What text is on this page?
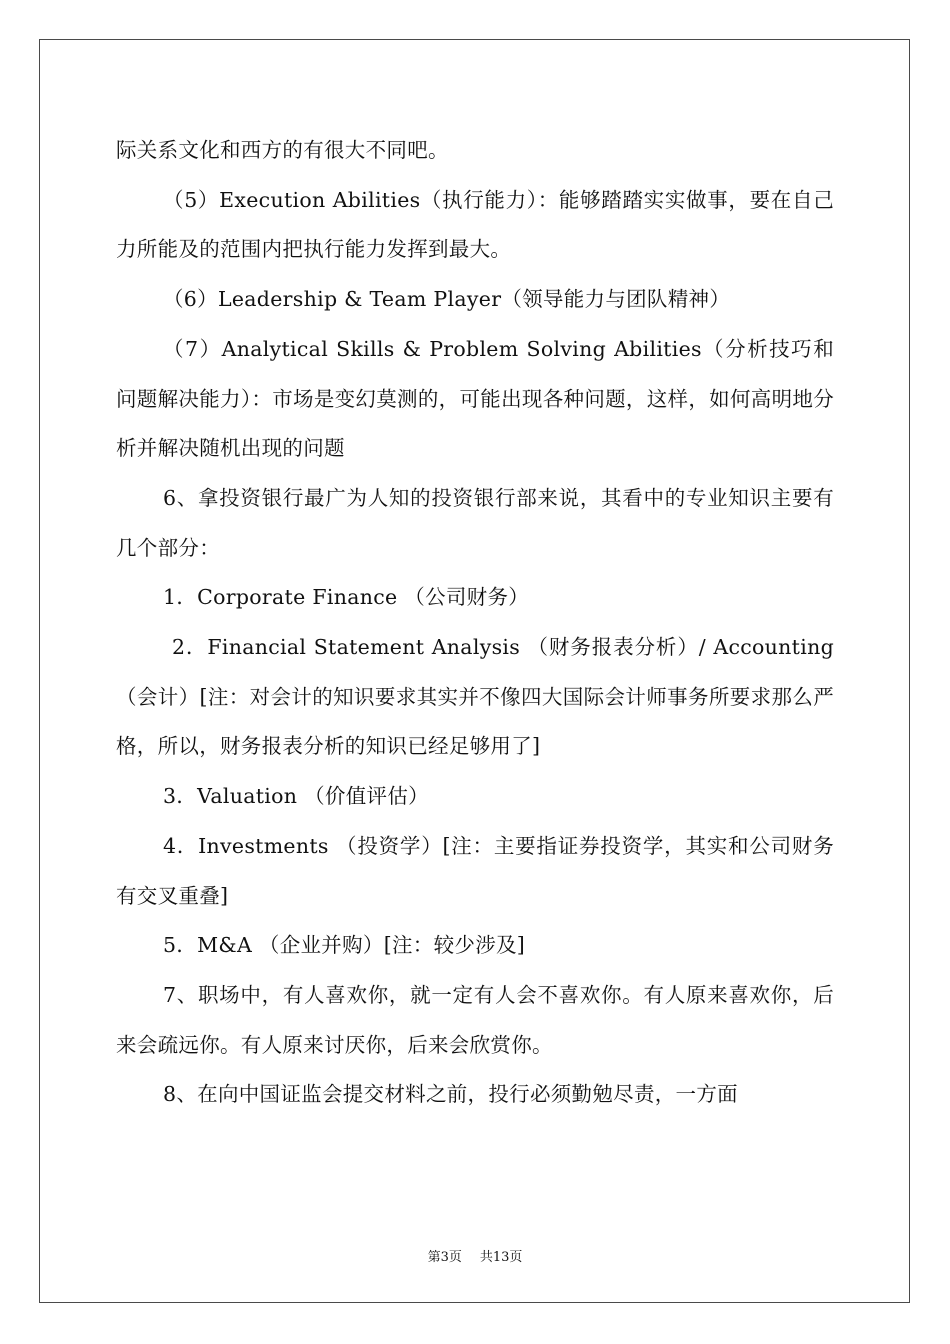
际关系文化和西方的有很大不同吧。

（5）Execution Abilities（执行能力）：能够踏踏实实做事，要在自己力所能及的范围内把执行能力发挥到最大。

（6）Leadership & Team Player（领导能力与团队精神）

（7）Analytical Skills & Problem Solving Abilities（分析技巧和问题解决能力）：市场是变幻莫测的，可能出现各种问题，这样，如何高明地分析并解决随机出现的问题

6、拿投资银行最广为人知的投资银行部来说，其看中的专业知识主要有几个部分：

1．Corporate Finance （公司财务）

2．Financial Statement Analysis （财务报表分析）/ Accounting （会计）[注：对会计的知识要求其实并不像四大国际会计师事务所要求那么严格，所以，财务报表分析的知识已经足够用了]

3．Valuation （价值评估）

4．Investments （投资学）[注：主要指证券投资学，其实和公司财务有交叉重叠]

5．M&A （企业并购）[注：较少涉及]

7、职场中，有人喜欢你，就一定有人会不喜欢你。有人原来喜欢你，后来会疏远你。有人原来讨厌你，后来会欣赏你。

8、在向中国证监会提交材料之前，投行必须勤勉尽责，一方面

第3页 共13页
